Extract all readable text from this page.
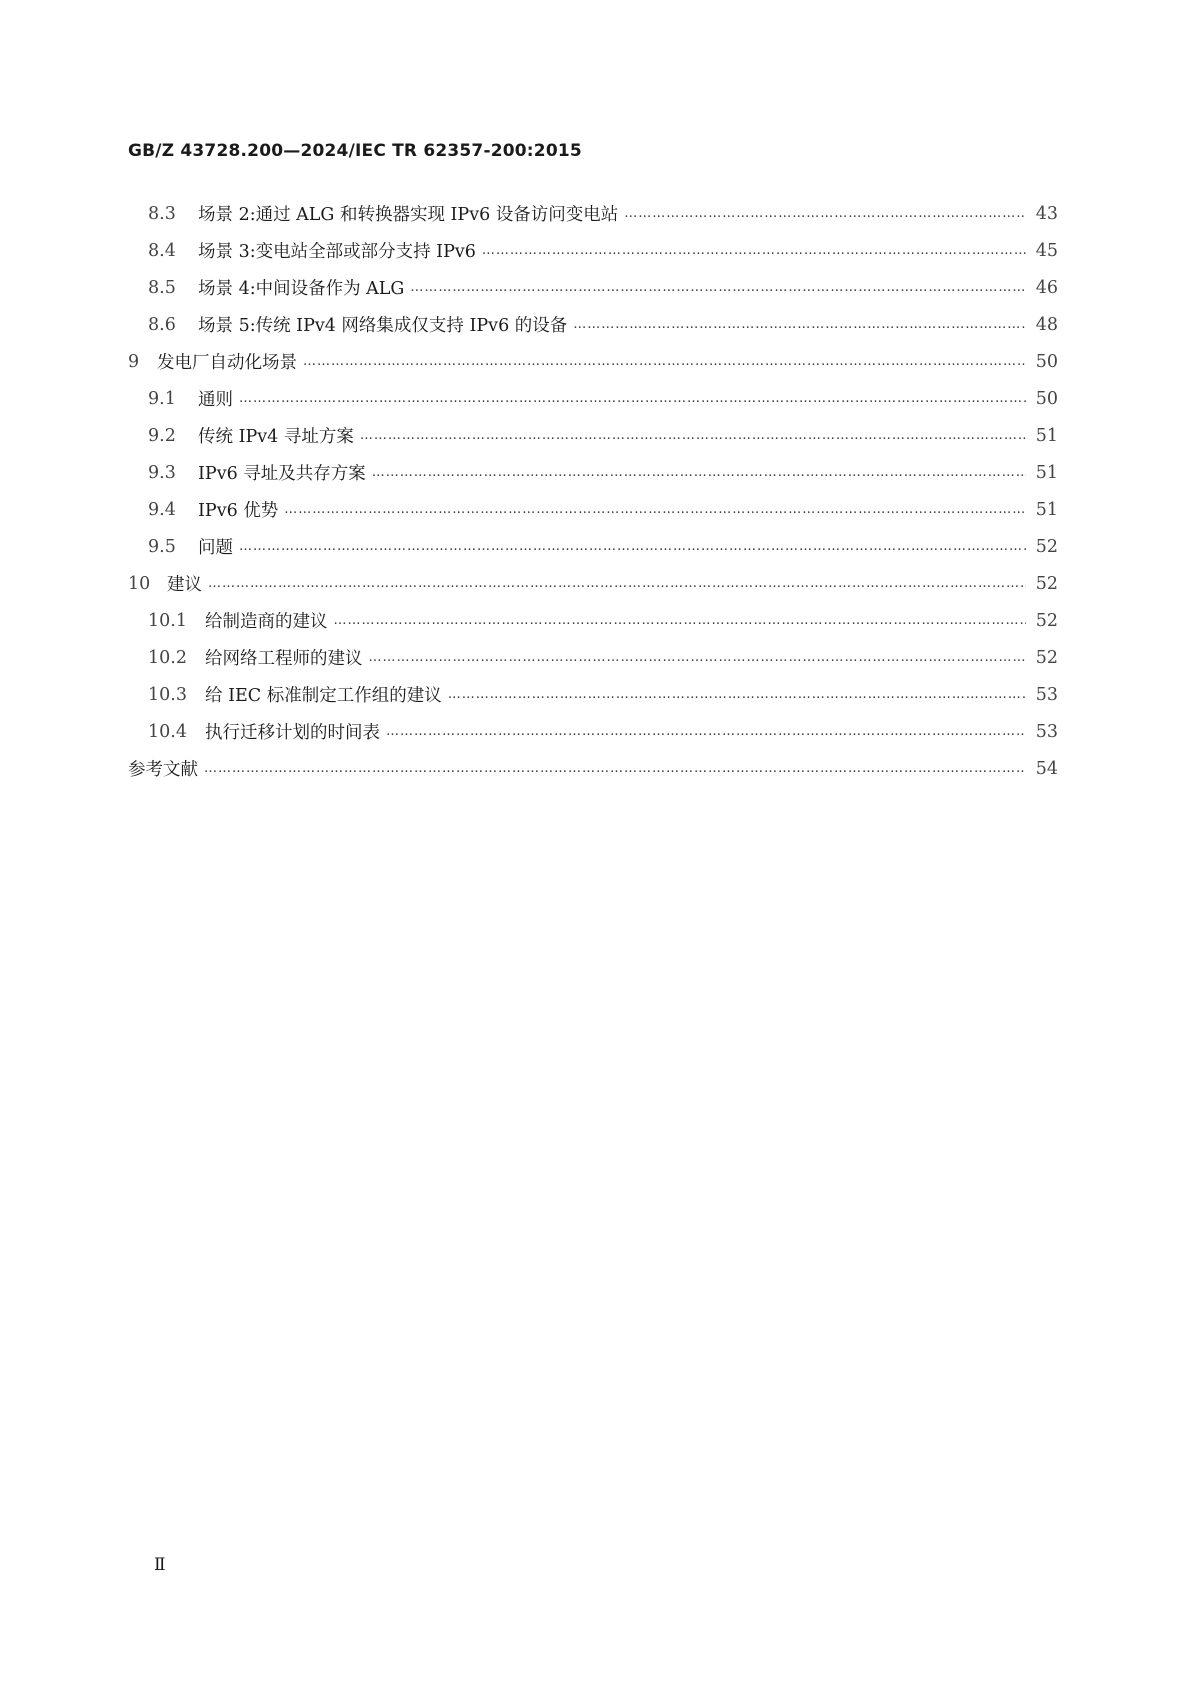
GB/Z 43728.200—2024/IEC TR 62357-200:2015
8.3 场景 2:通过 ALG 和转换器实现 IPv6 设备访问变电站 …………………………………………………………………………………………………………………………………………………………………………………………	43
8.4 场景 3:变电站全部或部分支持 IPv6 …………………………………………………………………………………………………………………………………………………………………………………………	45
8.5 场景 4:中间设备作为 ALG …………………………………………………………………………………………………………………………………………………………………………………………	46
8.6 场景 5:传统 IPv4 网络集成仅支持 IPv6 的设备 …………………………………………………………………………………………………………………………………………………………………………………………	48
9 发电厂自动化场景 …………………………………………………………………………………………………………………………………………………………………………………………	50
9.1 通则 …………………………………………………………………………………………………………………………………………………………………………………………	50
9.2 传统 IPv4 寻址方案 …………………………………………………………………………………………………………………………………………………………………………………………	51
9.3 IPv6 寻址及共存方案 …………………………………………………………………………………………………………………………………………………………………………………………	51
9.4 IPv6 优势 …………………………………………………………………………………………………………………………………………………………………………………………	51
9.5 问题 …………………………………………………………………………………………………………………………………………………………………………………………	52
10 建议 …………………………………………………………………………………………………………………………………………………………………………………………	52
10.1 给制造商的建议 …………………………………………………………………………………………………………………………………………………………………………………………	52
10.2 给网络工程师的建议 …………………………………………………………………………………………………………………………………………………………………………………………	52
10.3 给 IEC 标准制定工作组的建议 …………………………………………………………………………………………………………………………………………………………………………………………	53
10.4 执行迁移计划的时间表 …………………………………………………………………………………………………………………………………………………………………………………………	53
参考文献 …………………………………………………………………………………………………………………………………………………………………………………………	54
Ⅱ
